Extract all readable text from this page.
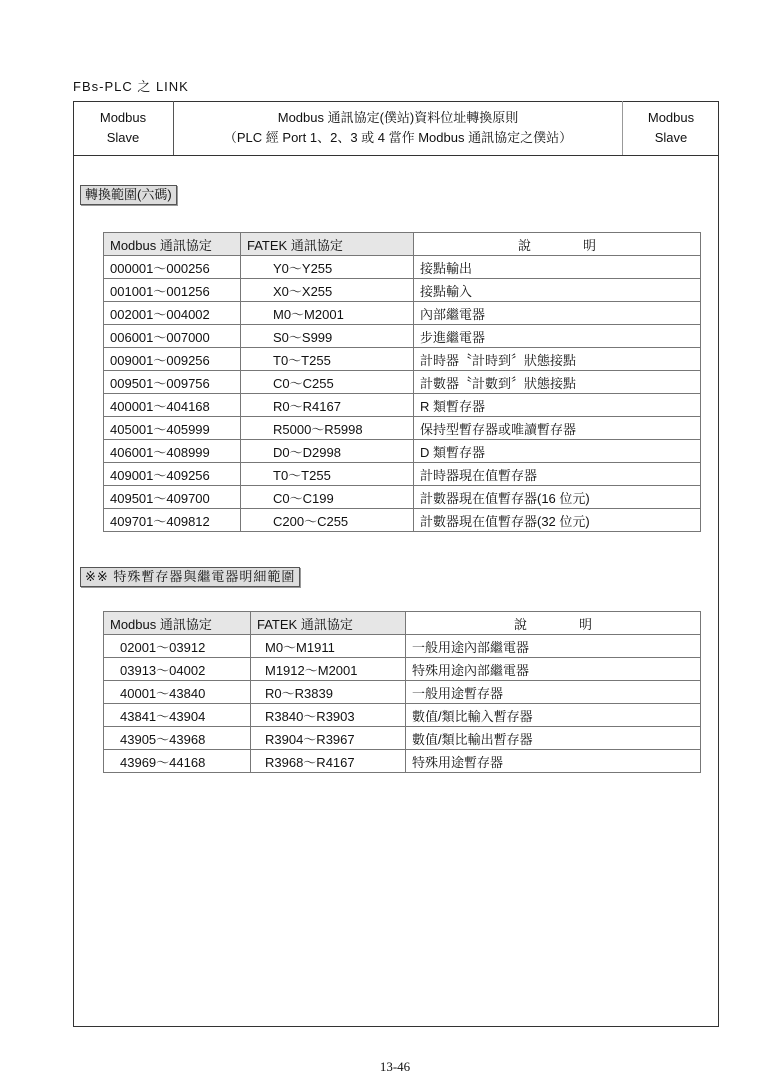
FBs-PLC 之 LINK
Modbus
Slave
Modbus 通訊協定(僕站)資料位址轉換原則
（PLC 經 Port 1、2、3 或 4 當作 Modbus 通訊協定之僕站）
Modbus
Slave
轉換範圍(六碼)
Modbus 通訊協定	FATEK 通訊協定	說　　　　明
000001～000256	Y0～Y255	接點輸出
001001～001256	X0～X255	接點輸入
002001～004002	M0～M2001	內部繼電器
006001～007000	S0～S999	步進繼電器
009001～009256	T0～T255	計時器〝計時到〞狀態接點
009501～009756	C0～C255	計數器〝計數到〞狀態接點
400001～404168	R0～R4167	R 類暫存器
405001～405999	R5000～R5998	保持型暫存器或唯讀暫存器
406001～408999	D0～D2998	D 類暫存器
409001～409256	T0～T255	計時器現在值暫存器
409501～409700	C0～C199	計數器現在值暫存器(16 位元)
409701～409812	C200～C255	計數器現在值暫存器(32 位元)
※※ 特殊暫存器與繼電器明細範圍
Modbus 通訊協定	FATEK 通訊協定	說　　　　明
02001～03912	M0～M1911	一般用途內部繼電器
03913～04002	M1912～M2001	特殊用途內部繼電器
40001～43840	R0～R3839	一般用途暫存器
43841～43904	R3840～R3903	數值/類比輸入暫存器
43905～43968	R3904～R3967	數值/類比輸出暫存器
43969～44168	R3968～R4167	特殊用途暫存器
13-46
